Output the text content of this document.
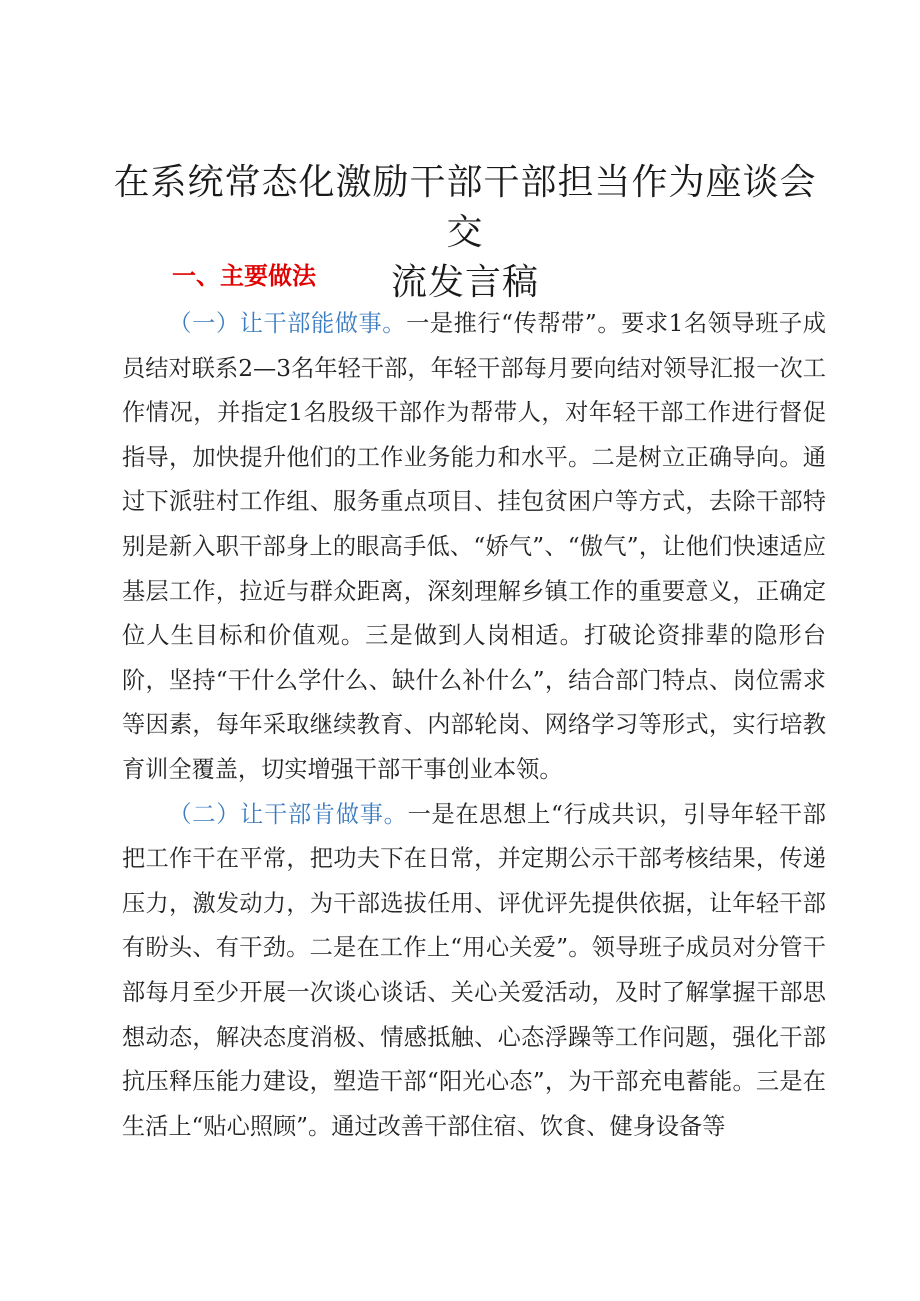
在系统常态化激励干部干部担当作为座谈会交
流发言稿
一、主要做法

（一）让干部能做事。一是推行“传帮带”。要求1名领导班子成员结对联系2—3名年轻干部，年轻干部每月要向结对领导汇报一次工作情况，并指定1名股级干部作为帮带人，对年轻干部工作进行督促指导，加快提升他们的工作业务能力和水平。二是树立正确导向。通过下派驻村工作组、服务重点项目、挂包贫困户等方式，去除干部特别是新入职干部身上的眼高手低、“娇气”、“傲气”，让他们快速适应基层工作，拉近与群众距离，深刻理解乡镇工作的重要意义，正确定位人生目标和价值观。三是做到人岗相适。打破论资排辈的隐形台阶，坚持“干什么学什么、缺什么补什么”，结合部门特点、岗位需求等因素，每年采取继续教育、内部轮岗、网络学习等形式，实行培教育训全覆盖，切实增强干部干事创业本领。

（二）让干部肯做事。一是在思想上“行成共识，引导年轻干部把工作干在平常，把功夫下在日常，并定期公示干部考核结果，传递压力，激发动力，为干部选拔任用、评优评先提供依据，让年轻干部有盼头、有干劲。二是在工作上“用心关爱”。领导班子成员对分管干部每月至少开展一次谈心谈话、关心关爱活动，及时了解掌握干部思想动态，解决态度消极、情感抵触、心态浮躁等工作问题，强化干部抗压释压能力建设，塑造干部“阳光心态”，为干部充电蓄能。三是在生活上“贴心照顾”。通过改善干部住宿、饮食、健身设备等
